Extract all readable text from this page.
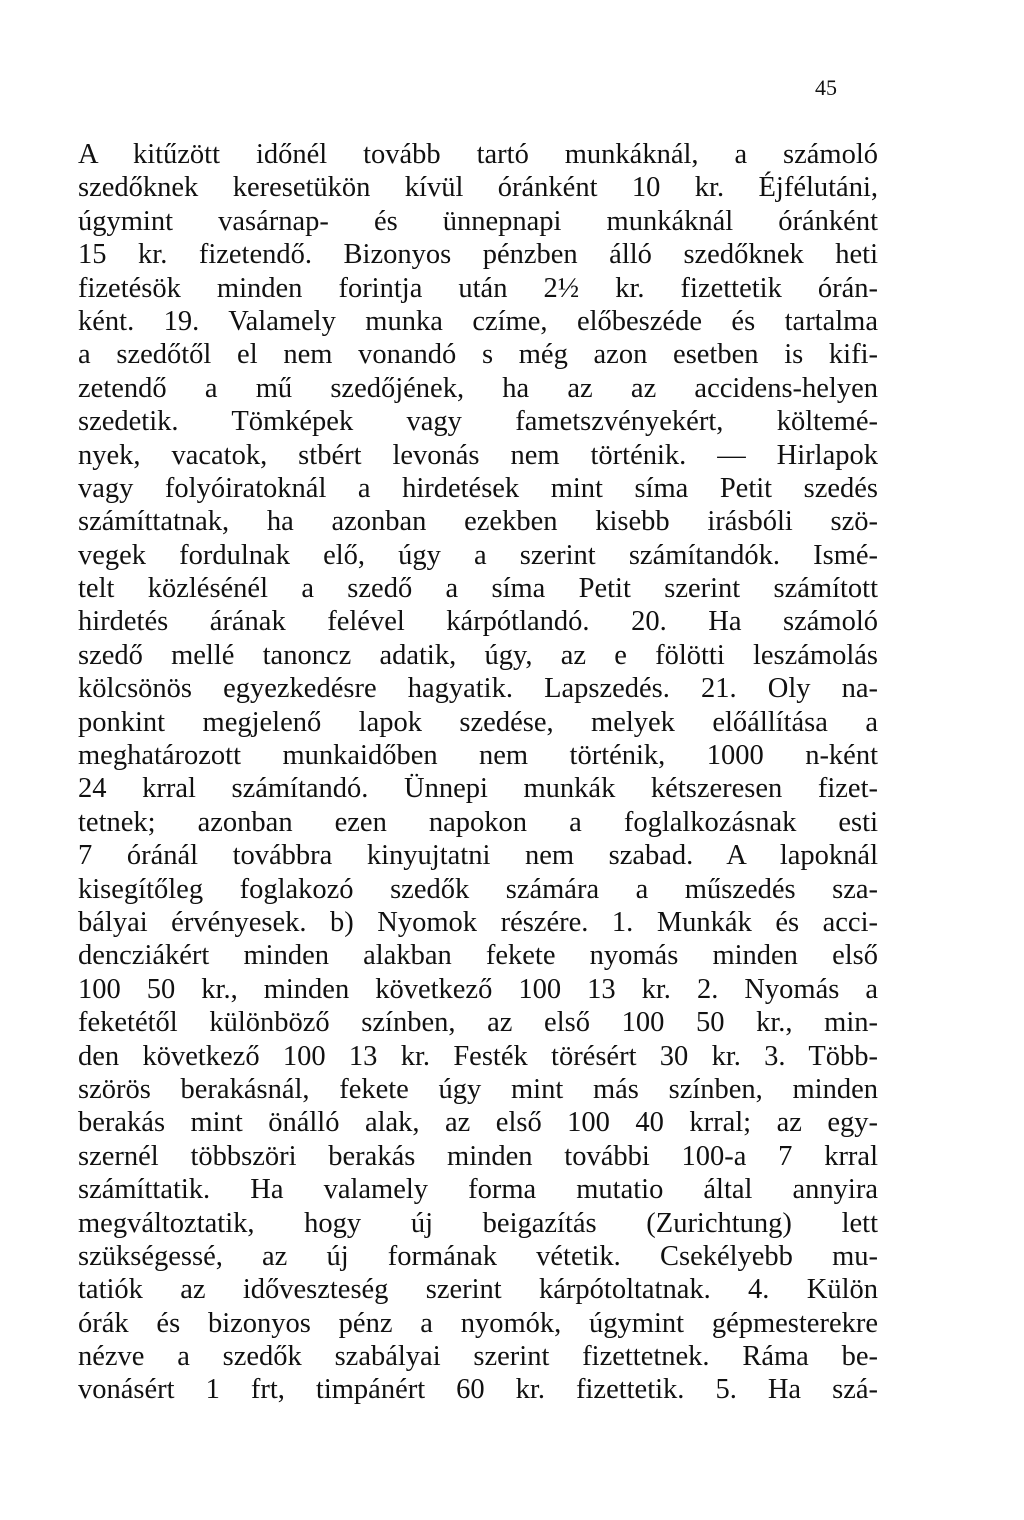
45
A kitűzött időnél tovább tartó munkáknál, a számoló
szedőknek keresetükön kívül óránként 10 kr. Éjfélutáni,
úgymint vasárnap- és ünnepnapi munkáknál óránként
15 kr. fizetendő. Bizonyos pénzben álló szedőknek heti
fizetésök minden forintja után 2½ kr. fizettetik órán-
ként. 19. Valamely munka czíme, előbeszéde és tartalma
a szedőtől el nem vonandó s még azon esetben is kifi-
zetendő a mű szedőjének, ha az az accidens-helyen
szedetik. Tömképek vagy fametszvényekért, költemé-
nyek, vacatok, stbért levonás nem történik. — Hirlapok
vagy folyóiratoknál a hirdetések mint síma Petit szedés
számíttatnak, ha azonban ezekben kisebb irásbóli szö-
vegek fordulnak elő, úgy a szerint számítandók. Ismé-
telt közlésénél a szedő a síma Petit szerint számított
hirdetés árának felével kárpótlandó. 20. Ha számoló
szedő mellé tanoncz adatik, úgy, az e fölötti leszámolás
kölcsönös egyezkedésre hagyatik. Lapszedés. 21. Oly na-
ponkint megjelenő lapok szedése, melyek előállítása a
meghatározott munkaidőben nem történik, 1000 n-ként
24 krral számítandó. Ünnepi munkák kétszeresen fizet-
tetnek; azonban ezen napokon a foglalkozásnak esti
7 óránál továbbra kinyujtatni nem szabad. A lapoknál
kisegítőleg foglakozó szedők számára a műszedés sza-
bályai érvényesek. b) Nyomok részére. 1. Munkák és acci-
dencziákért minden alakban fekete nyomás minden első
100 50 kr., minden következő 100 13 kr. 2. Nyomás a
feketétől különböző színben, az első 100 50 kr., min-
den következő 100 13 kr. Festék törésért 30 kr. 3. Több-
szörös berakásnál, fekete úgy mint más színben, minden
berakás mint önálló alak, az első 100 40 krral; az egy-
szernél többszöri berakás minden további 100-a 7 krral
számíttatik. Ha valamely forma mutatio által annyira
megváltoztatik, hogy új beigazítás (Zurichtung) lett
szükségessé, az új formának vétetik. Csekélyebb mu-
tatiók az időveszteség szerint kárpótoltatnak. 4. Külön
órák és bizonyos pénz a nyomók, úgymint gépmesterekre
nézve a szedők szabályai szerint fizettetnek. Ráma be-
vonásért 1 frt, timpánért 60 kr. fizettetik. 5. Ha szá-
